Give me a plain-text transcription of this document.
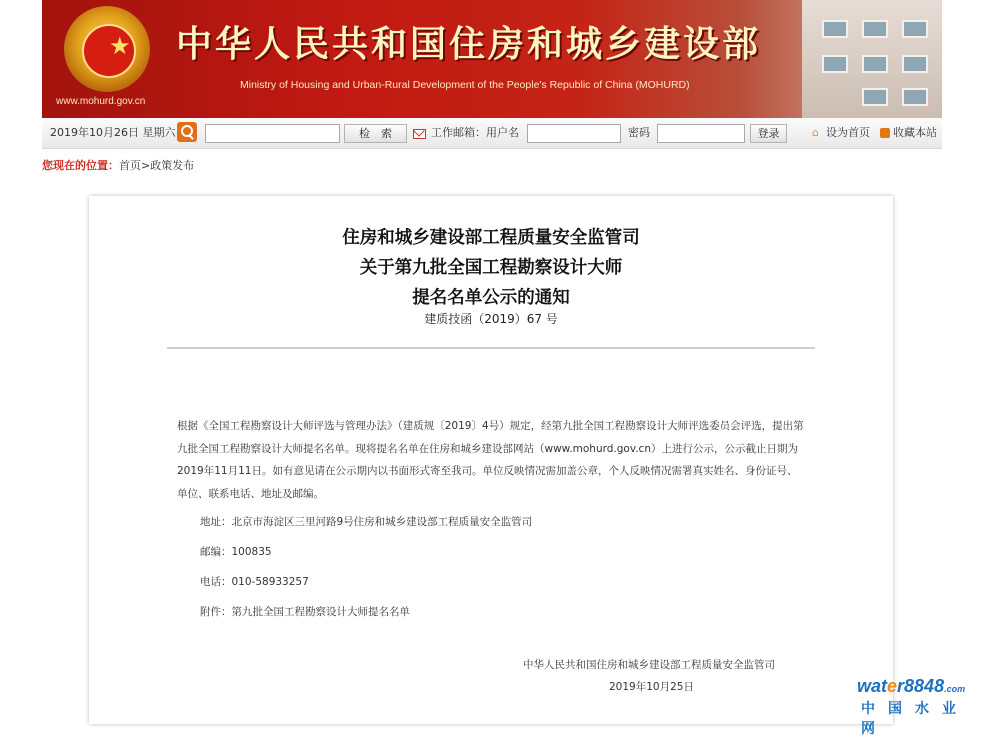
★
www.mohurd.gov.cn
中华人民共和国住房和城乡建设部
Ministry of Housing and Urban-Rural Development of the People's Republic of China (MOHURD)
2019年10月26日 星期六	检　索	工作邮箱：用户名	密码	登录	⌂ 设为首页 收藏本站
您现在的位置：首页>政策发布
住房和城乡建设部工程质量安全监管司
关于第九批全国工程勘察设计大师
提名名单公示的通知
建质技函（2019）67 号
根据《全国工程勘察设计大师评选与管理办法》（建质规〔2019〕4号）规定，经第九批全国工程勘察设计大师评选委员会评选，提出第九批全国工程勘察设计大师提名名单。现将提名名单在住房和城乡建设部网站（www.mohurd.gov.cn）上进行公示，公示截止日期为2019年11月11日。如有意见请在公示期内以书面形式寄至我司。单位反映情况需加盖公章，个人反映情况需署真实姓名、身份证号、单位、联系电话、地址及邮编。
地址：北京市海淀区三里河路9号住房和城乡建设部工程质量安全监管司
邮编：100835
电话：010-58933257
附件：第九批全国工程勘察设计大师提名名单
中华人民共和国住房和城乡建设部工程质量安全监管司
2019年10月25日	water8848.com
中国水业网
